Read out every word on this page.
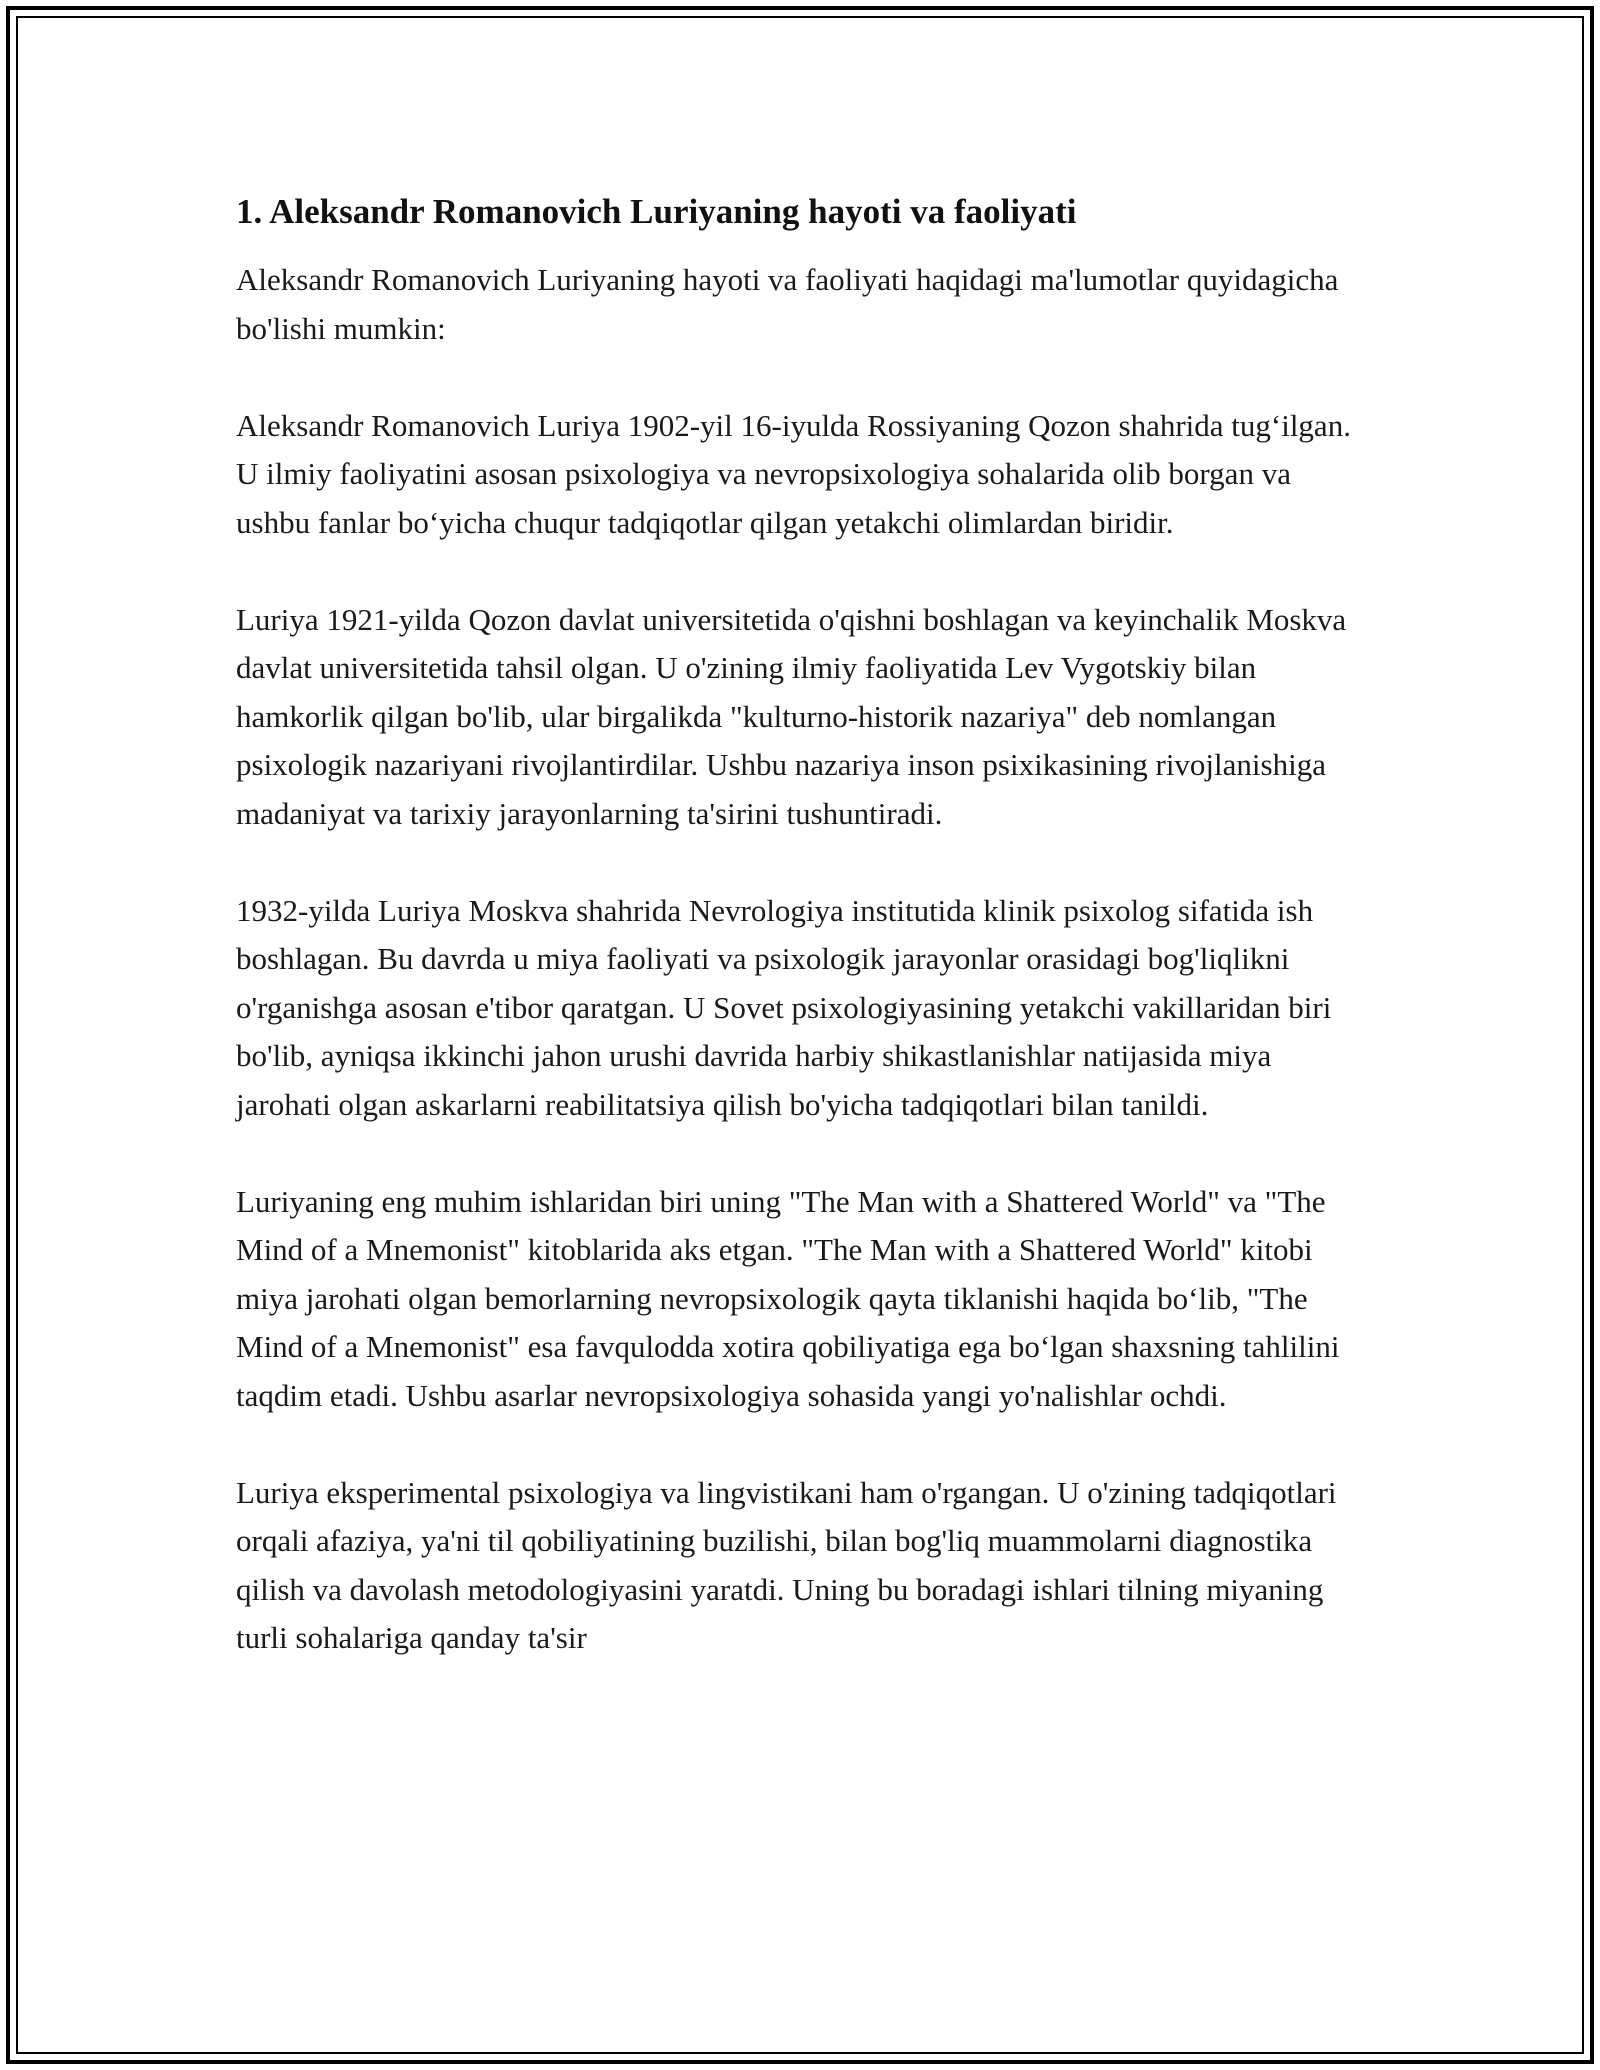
1. Aleksandr Romanovich Luriyaning hayoti va faoliyati

Aleksandr Romanovich Luriyaning hayoti va faoliyati haqidagi ma'lumotlar quyidagicha bo'lishi mumkin:

Aleksandr Romanovich Luriya 1902-yil 16-iyulda Rossiyaning Qozon shahrida tug‘ilgan. U ilmiy faoliyatini asosan psixologiya va nevropsixologiya sohalarida olib borgan va ushbu fanlar bo‘yicha chuqur tadqiqotlar qilgan yetakchi olimlardan biridir.

Luriya 1921-yilda Qozon davlat universitetida o'qishni boshlagan va keyinchalik Moskva davlat universitetida tahsil olgan. U o'zining ilmiy faoliyatida Lev Vygotskiy bilan hamkorlik qilgan bo'lib, ular birgalikda "kulturno-historik nazariya" deb nomlangan psixologik nazariyani rivojlantirdilar. Ushbu nazariya inson psixikasining rivojlanishiga madaniyat va tarixiy jarayonlarning ta'sirini tushuntiradi.

1932-yilda Luriya Moskva shahrida Nevrologiya institutida klinik psixolog sifatida ish boshlagan. Bu davrda u miya faoliyati va psixologik jarayonlar orasidagi bog'liqlikni o'rganishga asosan e'tibor qaratgan. U Sovet psixologiyasining yetakchi vakillaridan biri bo'lib, ayniqsa ikkinchi jahon urushi davrida harbiy shikastlanishlar natijasida miya jarohati olgan askarlarni reabilitatsiya qilish bo'yicha tadqiqotlari bilan tanildi.

Luriyaning eng muhim ishlaridan biri uning "The Man with a Shattered World" va "The Mind of a Mnemonist" kitoblarida aks etgan. "The Man with a Shattered World" kitobi miya jarohati olgan bemorlarning nevropsixologik qayta tiklanishi haqida bo‘lib, "The Mind of a Mnemonist" esa favqulodda xotira qobiliyatiga ega bo‘lgan shaxsning tahlilini taqdim etadi. Ushbu asarlar nevropsixologiya sohasida yangi yo'nalishlar ochdi.

Luriya eksperimental psixologiya va lingvistikani ham o'rgangan. U o'zining tadqiqotlari orqali afaziya, ya'ni til qobiliyatining buzilishi, bilan bog'liq muammolarni diagnostika qilish va davolash metodologiyasini yaratdi. Uning bu boradagi ishlari tilning miyaning turli sohalariga qanday ta'sir
